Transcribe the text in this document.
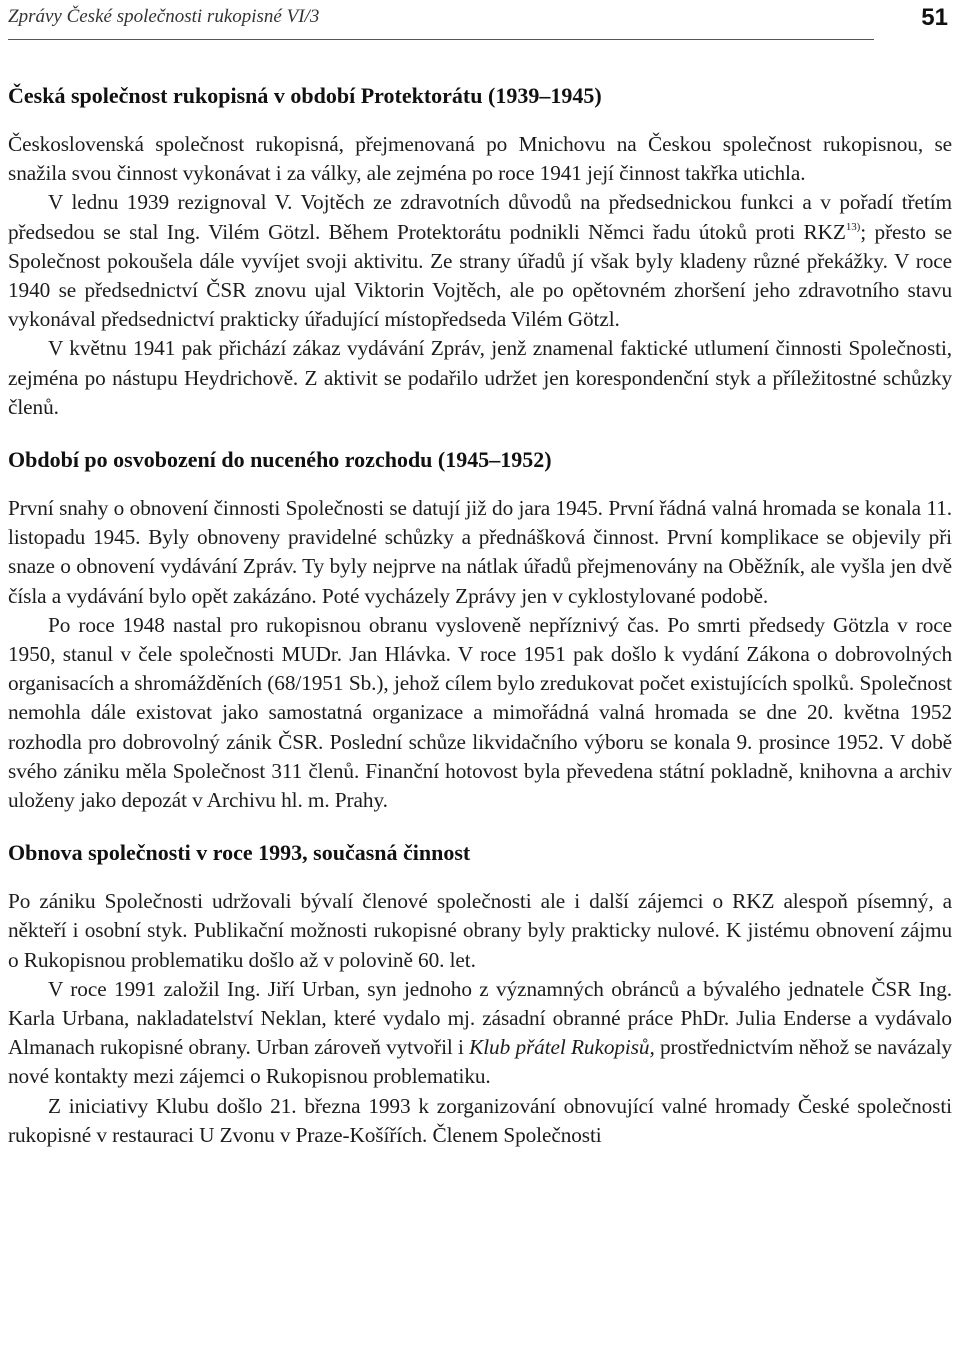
Zprávy České společnosti rukopisné VI/3	51
Česká společnost rukopisná v období Protektorátu (1939–1945)

Československá společnost rukopisná, přejmenovaná po Mnichovu na Českou společnost rukopisnou, se snažila svou činnost vykonávat i za války, ale zejména po roce 1941 její činnost takřka utichla.

V lednu 1939 rezignoval V. Vojtěch ze zdravotních důvodů na předsednickou funkci a v pořadí třetím předsedou se stal Ing. Vilém Götzl. Během Protektorátu podnikli Němci řadu útoků proti RKZ$^{13)}$; přesto se Společnost pokoušela dále vyvíjet svoji aktivitu. Ze strany úřadů jí však byly kladeny různé překážky. V roce 1940 se předsednictví ČSR znovu ujal Viktorin Vojtěch, ale po opětovném zhoršení jeho zdravotního stavu vykonával předsednictví prakticky úřadující místopředseda Vilém Götzl.

V květnu 1941 pak přichází zákaz vydávání Zpráv, jenž znamenal faktické utlumení činnosti Společnosti, zejména po nástupu Heydrichově. Z aktivit se podařilo udržet jen korespondenční styk a příležitostné schůzky členů.

Období po osvobození do nuceného rozchodu (1945–1952)

První snahy o obnovení činnosti Společnosti se datují již do jara 1945. První řádná valná hromada se konala 11. listopadu 1945. Byly obnoveny pravidelné schůzky a přednášková činnost. První komplikace se objevily při snaze o obnovení vydávání Zpráv. Ty byly nejprve na nátlak úřadů přejmenovány na Oběžník, ale vyšla jen dvě čísla a vydávání bylo opět zakázáno. Poté vycházely Zprávy jen v cyklostylované podobě.

Po roce 1948 nastal pro rukopisnou obranu vysloveně nepříznivý čas. Po smrti předsedy Götzla v roce 1950, stanul v čele společnosti MUDr. Jan Hlávka. V roce 1951 pak došlo k vydání Zákona o dobrovolných organisacích a shromážděních (68/1951 Sb.), jehož cílem bylo zredukovat počet existujících spolků. Společnost nemohla dále existovat jako samostatná organizace a mimořádná valná hromada se dne 20. května 1952 rozhodla pro dobrovolný zánik ČSR. Poslední schůze likvidačního výboru se konala 9. prosince 1952. V době svého zániku měla Společnost 311 členů. Finanční hotovost byla převedena státní pokladně, knihovna a archiv uloženy jako depozát v Archivu hl. m. Prahy.

Obnova společnosti v roce 1993, současná činnost

Po zániku Společnosti udržovali bývalí členové společnosti ale i další zájemci o RKZ alespoň písemný, a někteří i osobní styk. Publikační možnosti rukopisné obrany byly prakticky nulové. K jistému obnovení zájmu o Rukopisnou problematiku došlo až v polovině 60. let.

V roce 1991 založil Ing. Jiří Urban, syn jednoho z významných obránců a bývalého jednatele ČSR Ing. Karla Urbana, nakladatelství Neklan, které vydalo mj. zásadní obranné práce PhDr. Julia Enderse a vydávalo Almanach rukopisné obrany. Urban zároveň vytvořil i Klub přátel Rukopisů, prostřednictvím něhož se navázaly nové kontakty mezi zájemci o Rukopisnou problematiku.

Z iniciativy Klubu došlo 21. března 1993 k zorganizování obnovující valné hromady České společnosti rukopisné v restauraci U Zvonu v Praze-Košířích. Členem Společnosti
